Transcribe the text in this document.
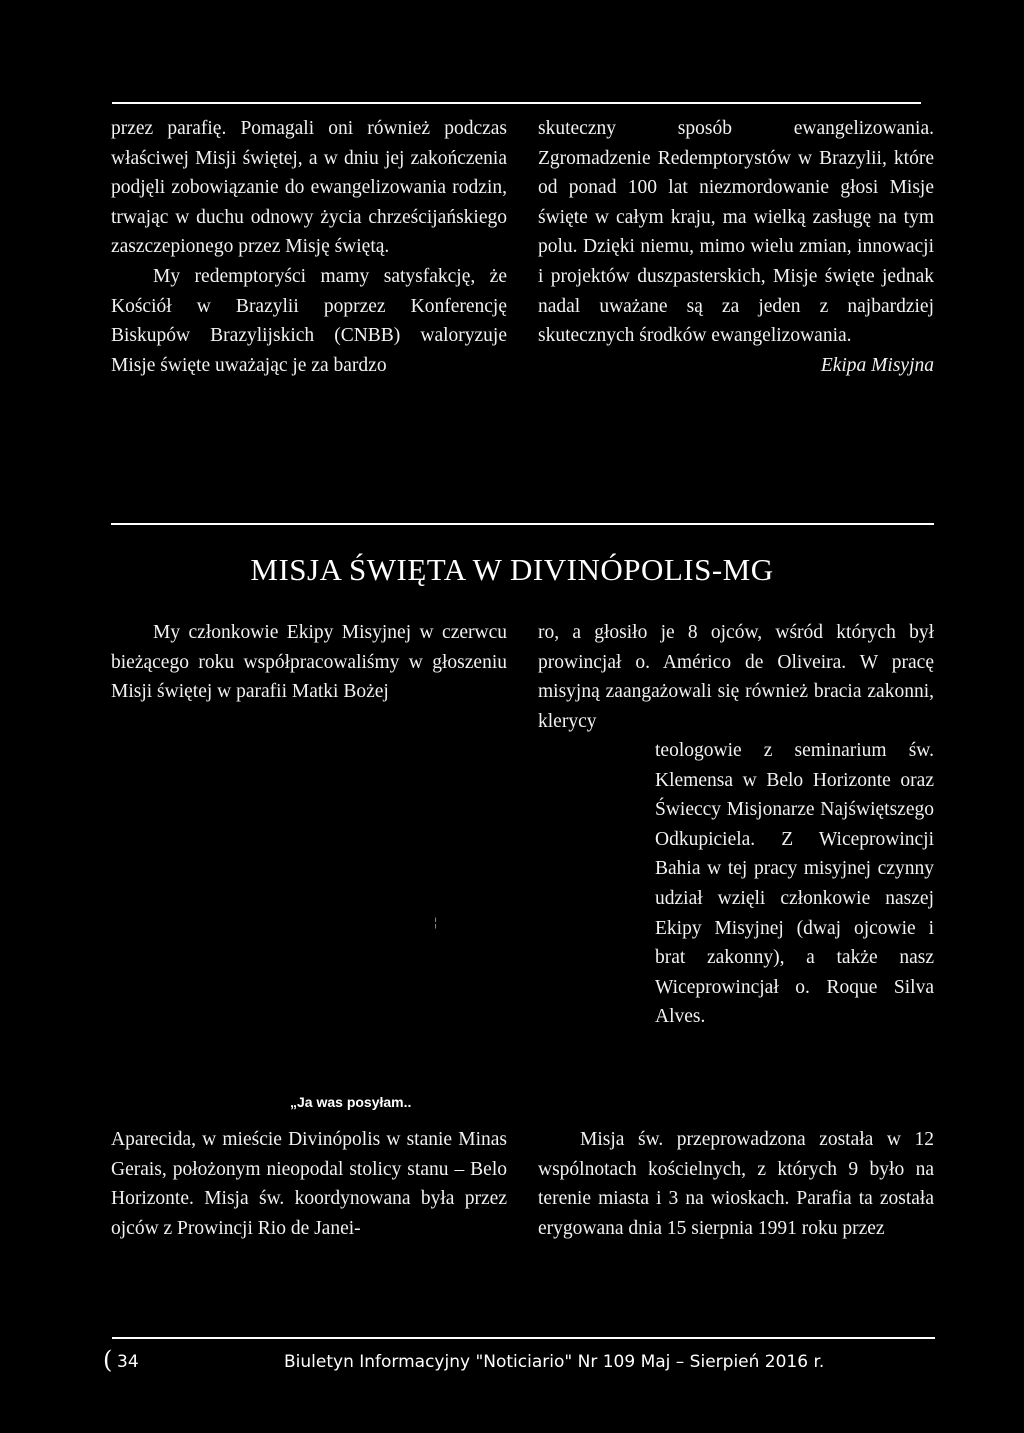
przez parafię. Pomagali oni również podczas właściwej Misji świętej, a w dniu jej zakończenia podjęli zobowiązanie do ewangelizowania rodzin, trwając w duchu odnowy życia chrześcijańskiego zaszczepionego przez Misję świętą.

My redemptoryści mamy satysfakcję, że Kościół w Brazylii poprzez Konferencję Biskupów Brazylijskich (CNBB) waloryzuje Misje święte uważając je za bardzo

skuteczny sposób ewangelizowania. Zgromadzenie Redemptorystów w Brazylii, które od ponad 100 lat niezmordowanie głosi Misje święte w całym kraju, ma wielką zasługę na tym polu. Dzięki niemu, mimo wielu zmian, innowacji i projektów duszpasterskich, Misje święte jednak nadal uważane są za jeden z najbardziej skutecznych środków ewangelizowania.

Ekipa Misyjna

MISJA ŚWIĘTA W DIVINÓPOLIS-MG

My członkowie Ekipy Misyjnej w czerwcu bieżącego roku współpracowaliśmy w głoszeniu Misji świętej w parafii Matki Bożej

¦
„Ja was posyłam..

Aparecida, w mieście Divinópolis w stanie Minas Gerais, położonym nieopodal stolicy stanu – Belo Horizonte. Misja św. koordynowana była przez ojców z Prowincji Rio de Janei-

ro, a głosiło je 8 ojców, wśród których był prowincjał o. Américo de Oliveira. W pracę misyjną zaangażowali się również bracia zakonni, klerycy

teologowie z seminarium św. Klemensa w Belo Horizonte oraz Świeccy Misjonarze Najświętszego Odkupiciela. Z Wiceprowincji Bahia w tej pracy misyjnej czynny udział wzięli członkowie naszej Ekipy Misyjnej (dwaj ojcowie i brat zakonny), a także nasz Wiceprowincjał o. Roque Silva Alves.

Misja św. przeprowadzona została w 12 wspólnotach kościelnych, z których 9 było na terenie miasta i 3 na wioskach. Parafia ta została erygowana dnia 15 sierpnia 1991 roku przez

( 34	Biuletyn Informacyjny "Noticiario" Nr 109 Maj – Sierpień 2016 r.
